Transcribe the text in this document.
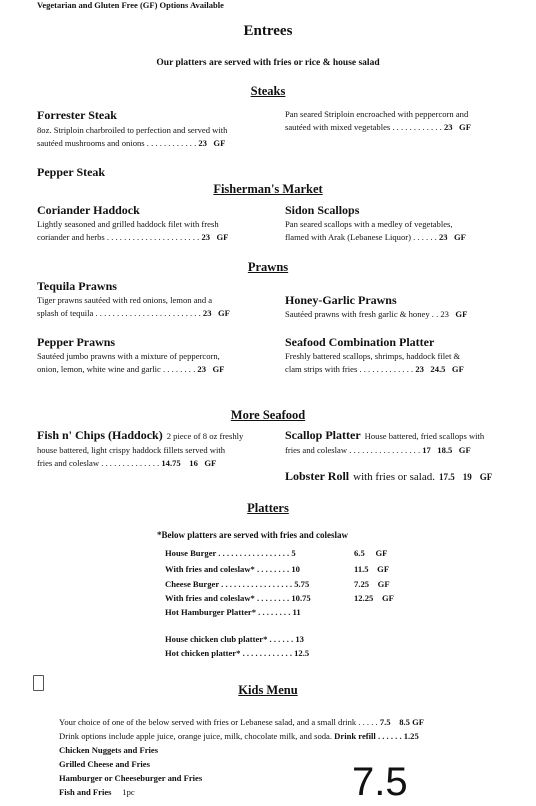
Vegetarian and Gluten Free (GF) Options Available
Entrees
Our platters are served with fries or rice & house salad
Steaks
Forrester Steak
8oz. Striploin charbroiled to perfection and served with
sautéed mushrooms and onions . . . . . . . . . . . . 23 GF
Pan seared Striploin encroached with peppercorn and
sautéed with mixed vegetables . . . . . . . . . . . . 23 GF
Pepper Steak
Fisherman's Market
Coriander Haddock
Lightly seasoned and grilled haddock filet with fresh
coriander and herbs . . . . . . . . . . . . . . . . . . . . . . 23 GF
Sidon Scallops
Pan seared scallops with a medley of vegetables,
flamed with Arak (Lebanese Liquor) . . . . . . 23 GF
Prawns
Tequila Prawns
Tiger prawns sautéed with red onions, lemon and a
splash of tequila . . . . . . . . . . . . . . . . . . . . . . . . . 23 GF
Honey-Garlic Prawns
Sautéed prawns with fresh garlic & honey . . 23 GF
Pepper Prawns
Sautéed jumbo prawns with a mixture of peppercorn,
onion, lemon, white wine and garlic . . . . . . . . 23 GF
Seafood Combination Platter
Freshly battered scallops, shrimps, haddock filet &
clam strips with fries . . . . . . . . . . . . . 23 24.5 GF
More Seafood
Fish n' Chips (Haddock) 2 piece of 8 oz freshly
house battered, light crispy haddock fillets served with
fries and coleslaw . . . . . . . . . . . . . . 14.75 16 GF
Scallop Platter House battered, fried scallops with
fries and coleslaw . . . . . . . . . . . . . . . . . 17 18.5 GF
Lobster Roll with fries or salad. 17.5 19 GF
Platters
*Below platters are served with fries and coleslaw
House Burger . . . . . . . . . . . . . . . . . 5	6.5 GF
With fries and coleslaw* . . . . . . . . 10	11.5 GF
Cheese Burger . . . . . . . . . . . . . . . . . 5.75	7.25 GF
With fries and coleslaw* . . . . . . . . 10.75	12.25 GF
Hot Hamburger Platter* . . . . . . . . 11
House chicken club platter* . . . . . . 13
Hot chicken platter* . . . . . . . . . . . . 12.5
Kids Menu
Your choice of one of the below served with fries or Lebanese salad, and a small drink . . . . . 7.5 8.5 GF
Drink options include apple juice, orange juice, milk, chocolate milk, and soda. Drink refill . . . . . . 1.25
Chicken Nuggets and Fries
Grilled Cheese and Fries
Hamburger or Cheeseburger and Fries
Fish and Fries 1pc	7.5
